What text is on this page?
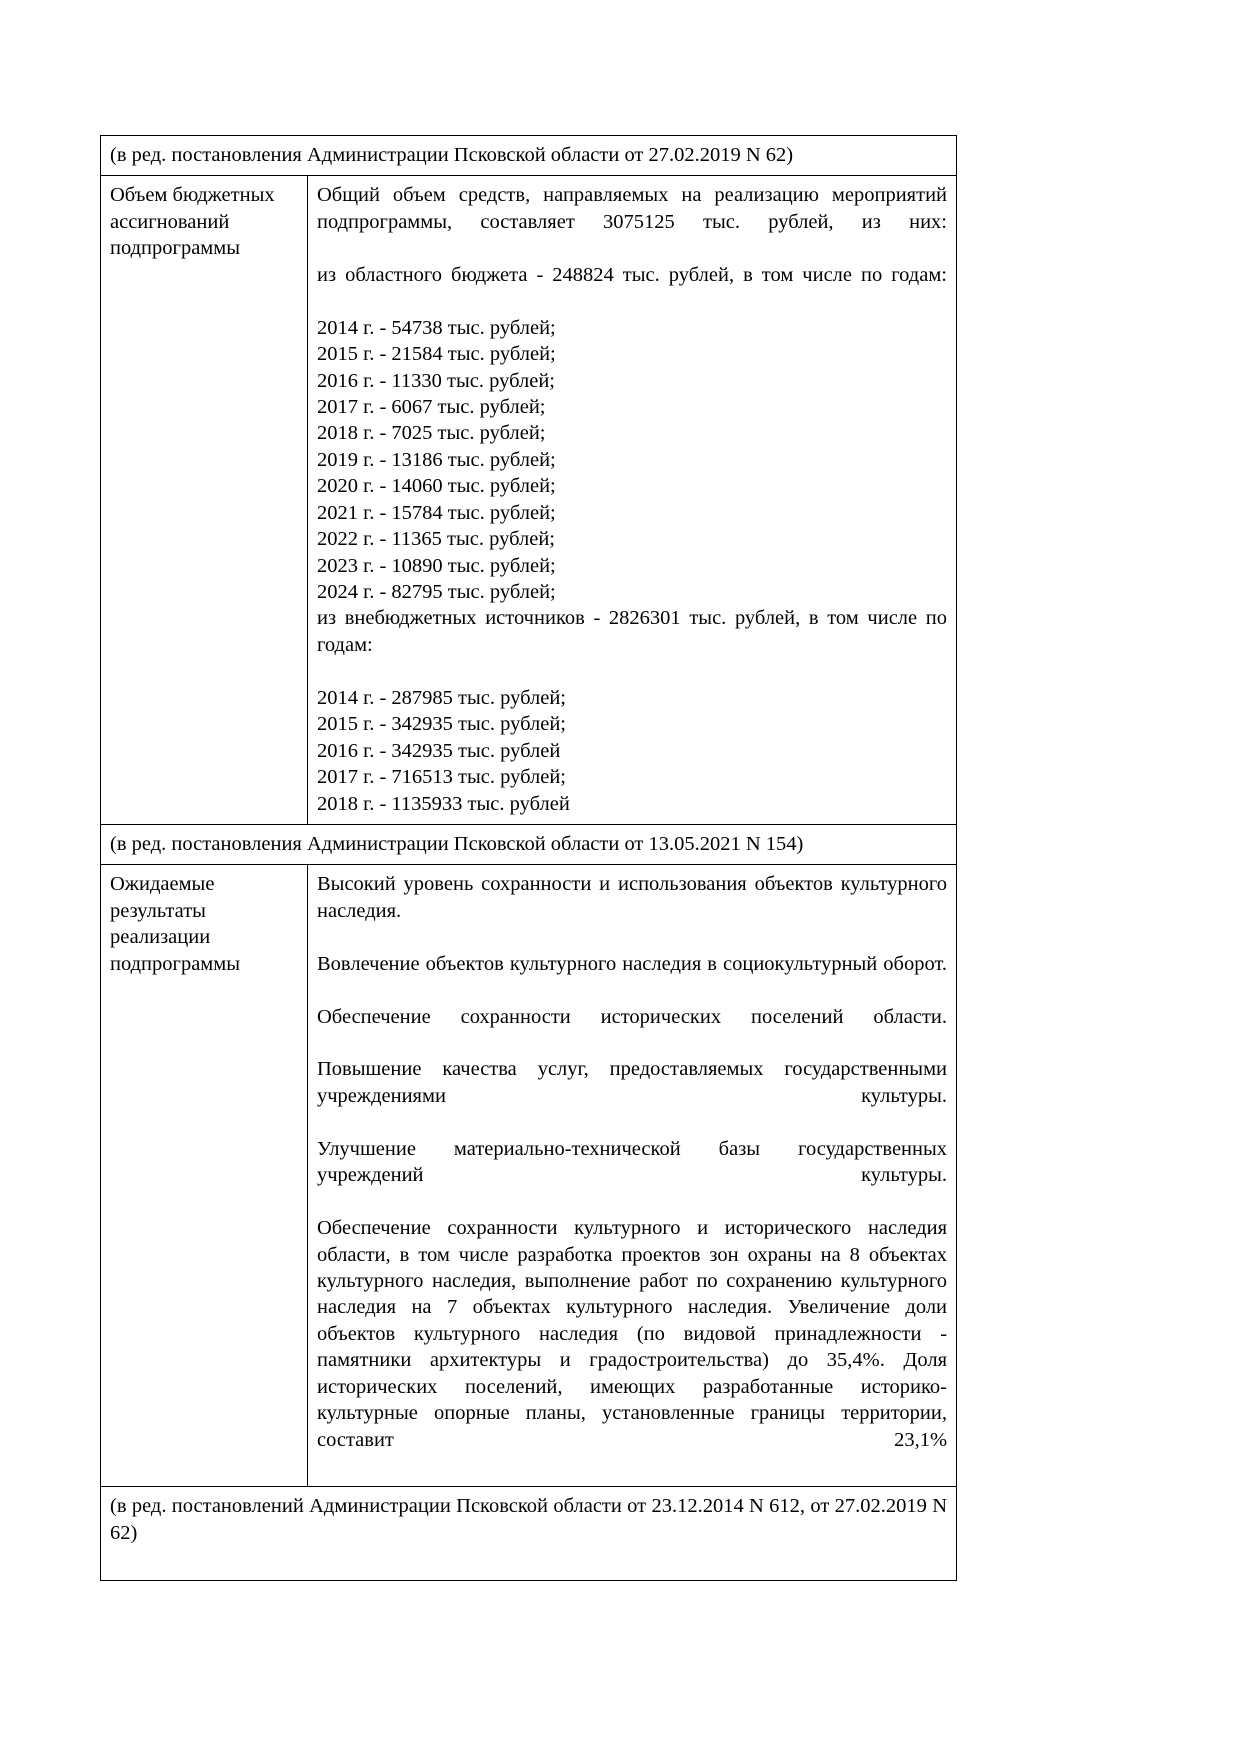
(в ред. постановления Администрации Псковской области от 27.02.2019 N 62)	

Объем бюджетных
ассигнований
подпрограммы

Общий объем средств, направляемых на реализацию мероприятий подпрограммы, составляет 3075125 тыс. рублей, из них:
из областного бюджета - 248824 тыс. рублей, в том числе по годам:
2014 г. - 54738 тыс. рублей;
2015 г. - 21584 тыс. рублей;
2016 г. - 11330 тыс. рублей;
2017 г. - 6067 тыс. рублей;
2018 г. - 7025 тыс. рублей;
2019 г. - 13186 тыс. рублей;
2020 г. - 14060 тыс. рублей;
2021 г. - 15784 тыс. рублей;
2022 г. - 11365 тыс. рублей;
2023 г. - 10890 тыс. рублей;
2024 г. - 82795 тыс. рублей;
из внебюджетных источников - 2826301 тыс. рублей, в том числе по годам:
2014 г. - 287985 тыс. рублей;
2015 г. - 342935 тыс. рублей;
2016 г. - 342935 тыс. рублей
2017 г. - 716513 тыс. рублей;
2018 г. - 1135933 тыс. рублей

(в ред. постановления Администрации Псковской области от 13.05.2021 N 154)	

Ожидаемые
результаты
реализации
подпрограммы

Высокий уровень сохранности и использования объектов культурного наследия.
Вовлечение объектов культурного наследия в социокультурный оборот.
Обеспечение сохранности исторических поселений области.
Повышение качества услуг, предоставляемых государственными учреждениями культуры.
Улучшение материально-технической базы государственных учреждений культуры.
Обеспечение сохранности культурного и исторического наследия области, в том числе разработка проектов зон охраны на 8 объектах культурного наследия, выполнение работ по сохранению культурного наследия на 7 объектах культурного наследия. Увеличение доли объектов культурного наследия (по видовой принадлежности - памятники архитектуры и градостроительства) до 35,4%. Доля исторических поселений, имеющих разработанные историко-культурные опорные планы, установленные границы территории, составит 23,1%

(в ред. постановлений Администрации Псковской области от 23.12.2014 N 612, от 27.02.2019 N 62)	
